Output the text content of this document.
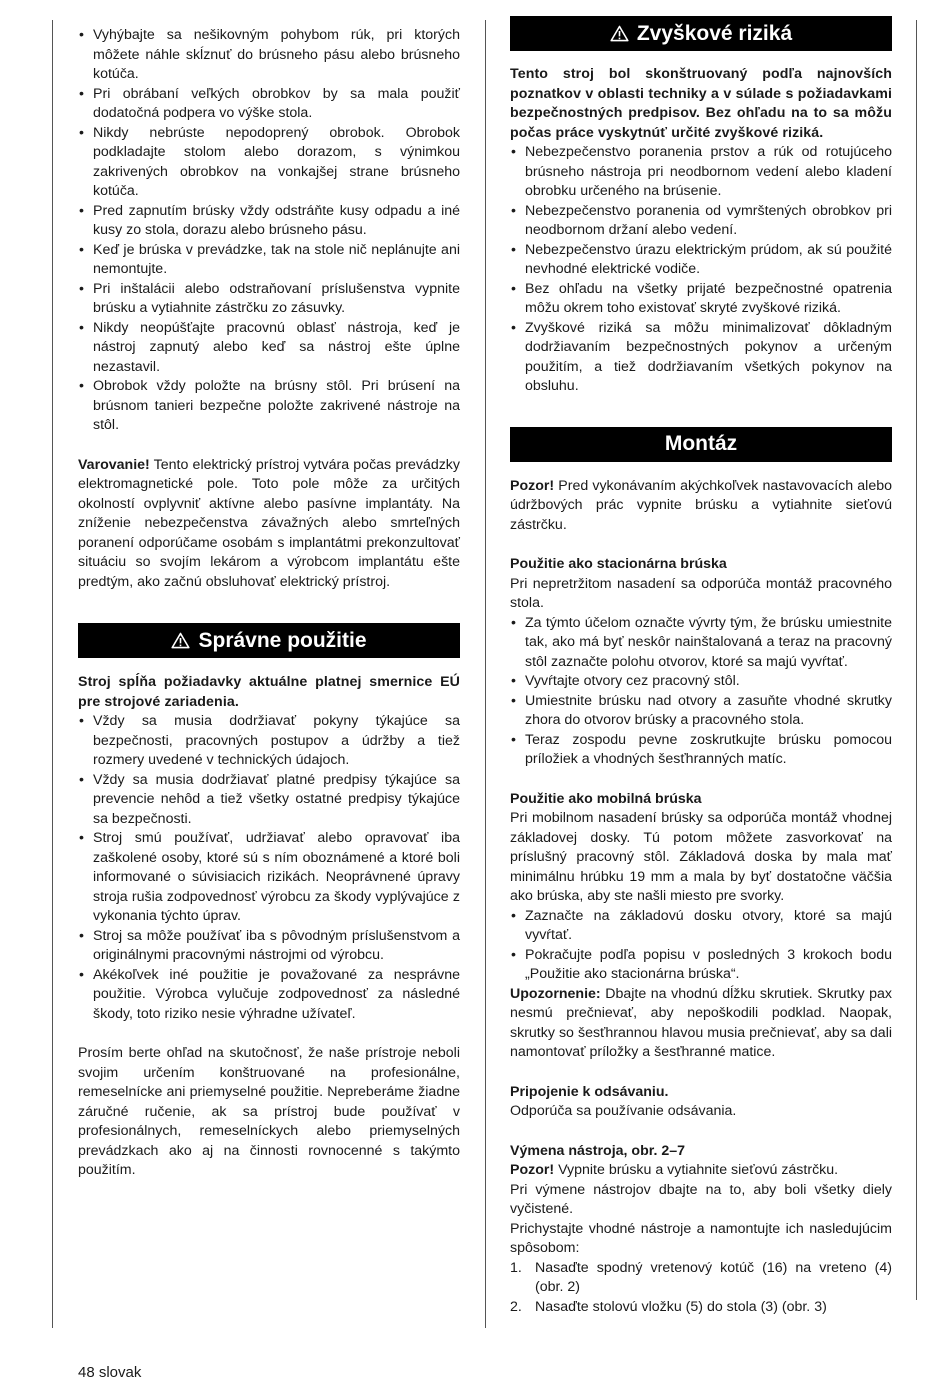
• Vyhýbajte sa nešikovným pohybom rúk, pri ktorých môžete náhle skĺznuť do brúsneho pásu alebo brúsneho kotúča.
• Pri obrábaní veľkých obrobkov by sa mala použiť dodatočná podpera vo výške stola.
• Nikdy nebrúste nepodoprený obrobok. Obrobok podkladajte stolom alebo dorazom, s výnimkou zakrivených obrobkov na vonkajšej strane brúsneho kotúča.
• Pred zapnutím brúsky vždy odstráňte kusy odpadu a iné kusy zo stola, dorazu alebo brúsneho pásu.
• Keď je brúska v prevádzke, tak na stole nič neplánujte ani nemontujte.
• Pri inštalácii alebo odstraňovaní príslušenstva vypnite brúsku a vytiahnite zástrčku zo zásuvky.
• Nikdy neopúšťajte pracovnú oblasť nástroja, keď je nástroj zapnutý alebo keď sa nástroj ešte úplne nezastavil.
• Obrobok vždy položte na brúsny stôl. Pri brúsení na brúsnom tanieri bezpečne položte zakrivené nástroje na stôl.

Varovanie! Tento elektrický prístroj vytvára počas prevádzky elektromagnetické pole. Toto pole môže za určitých okolností ovplyvniť aktívne alebo pasívne implantáty. Na zníženie nebezpečenstva závažných alebo smrteľných poranení odporúčame osobám s implantátmi prekonzultovať situáciu so svojím lekárom a výrobcom implantátu ešte predtým, ako začnú obsluhovať elektrický prístroj.

Správne použitie

Stroj spĺňa požiadavky aktuálne platnej smernice EÚ pre strojové zariadenia.

• Vždy sa musia dodržiavať pokyny týkajúce sa bezpečnosti, pracovných postupov a údržby a tiež rozmery uvedené v technických údajoch.
• Vždy sa musia dodržiavať platné predpisy týkajúce sa prevencie nehôd a tiež všetky ostatné predpisy týkajúce sa bezpečnosti.
• Stroj smú používať, udržiavať alebo opravovať iba zaškolené osoby, ktoré sú s ním oboznámené a ktoré boli informované o súvisiacich rizikách. Neoprávnené úpravy stroja rušia zodpovednosť výrobcu za škody vyplývajúce z vykonania týchto úprav.
• Stroj sa môže používať iba s pôvodným príslušenstvom a originálnymi pracovnými nástrojmi od výrobcu.
• Akékoľvek iné použitie je považované za nesprávne použitie. Výrobca vylučuje zodpovednosť za následné škody, toto riziko nesie výhradne užívateľ.

Prosím berte ohľad na skutočnosť, že naše prístroje neboli svojim určením konštruované na profesionálne, remeselnícke ani priemyselné použitie. Nepreberáme žiadne záručné ručenie, ak sa prístroj bude používať v profesionálnych, remeselníckych alebo priemyselných prevádzkach ako aj na činnosti rovnocenné s takýmto použitím.

Zvyškové riziká

Tento stroj bol skonštruovaný podľa najnovších poznatkov v oblasti techniky a v súlade s požiadavkami bezpečnostných predpisov. Bez ohľadu na to sa môžu počas práce vyskytnúť určité zvyškové riziká.

• Nebezpečenstvo poranenia prstov a rúk od rotujúceho brúsneho nástroja pri neodbornom vedení alebo kladení obrobku určeného na brúsenie.
• Nebezpečenstvo poranenia od vymrštených obrobkov pri neodbornom držaní alebo vedení.
• Nebezpečenstvo úrazu elektrickým prúdom, ak sú použité nevhodné elektrické vodiče.
• Bez ohľadu na všetky prijaté bezpečnostné opatrenia môžu okrem toho existovať skryté zvyškové riziká.
• Zvyškové riziká sa môžu minimalizovať dôkladným dodržiavaním bezpečnostných pokynov a určeným použitím, a tiež dodržiavaním všetkých pokynov na obsluhu.
Montáz

Pozor! Pred vykonávaním akýchkoľvek nastavovacích alebo údržbových prác vypnite brúsku a vytiahnite sieťovú zástrčku.

Použitie ako stacionárna brúska

Pri nepretržitom nasadení sa odporúča montáž pracovného stola.

• Za týmto účelom označte vývrty tým, že brúsku umiestnite tak, ako má byť neskôr nainštalovaná a teraz na pracovný stôl zaznačte polohu otvorov, ktoré sa majú vyvŕtať.
• Vyvŕtajte otvory cez pracovný stôl.
• Umiestnite brúsku nad otvory a zasuňte vhodné skrutky zhora do otvorov brúsky a pracovného stola.
• Teraz zospodu pevne zoskrutkujte brúsku pomocou príložiek a vhodných šesťhranných matíc.

Použitie ako mobilná brúska

Pri mobilnom nasadení brúsky sa odporúča montáž vhodnej základovej dosky. Tú potom môžete zasvorkovať na príslušný pracovný stôl. Základová doska by mala mať minimálnu hrúbku 19 mm a mala by byť dostatočne väčšia ako brúska, aby ste našli miesto pre svorky.

• Zaznačte na základovú dosku otvory, ktoré sa majú vyvŕtať.
• Pokračujte podľa popisu v posledných 3 krokoch bodu „Použitie ako stacionárna brúska“.

Upozornenie: Dbajte na vhodnú dĺžku skrutiek. Skrutky pax nesmú prečnievať, aby nepoškodili podklad. Naopak, skrutky so šesťhrannou hlavou musia prečnievať, aby sa dali namontovať príložky a šesťhranné matice.

Pripojenie k odsávaniu.

Odporúča sa používanie odsávania.

Výmena nástroja, obr. 2–7

Pozor! Vypnite brúsku a vytiahnite sieťovú zástrčku.

Pri výmene nástrojov dbajte na to, aby boli všetky diely vyčistené.

Prichystajte vhodné nástroje a namontujte ich nasledujúcim spôsobom:

1. Nasaďte spodný vretenový kotúč (16) na vreteno (4) (obr. 2)
2. Nasaďte stolovú vložku (5) do stola (3) (obr. 3)
48 slovak
